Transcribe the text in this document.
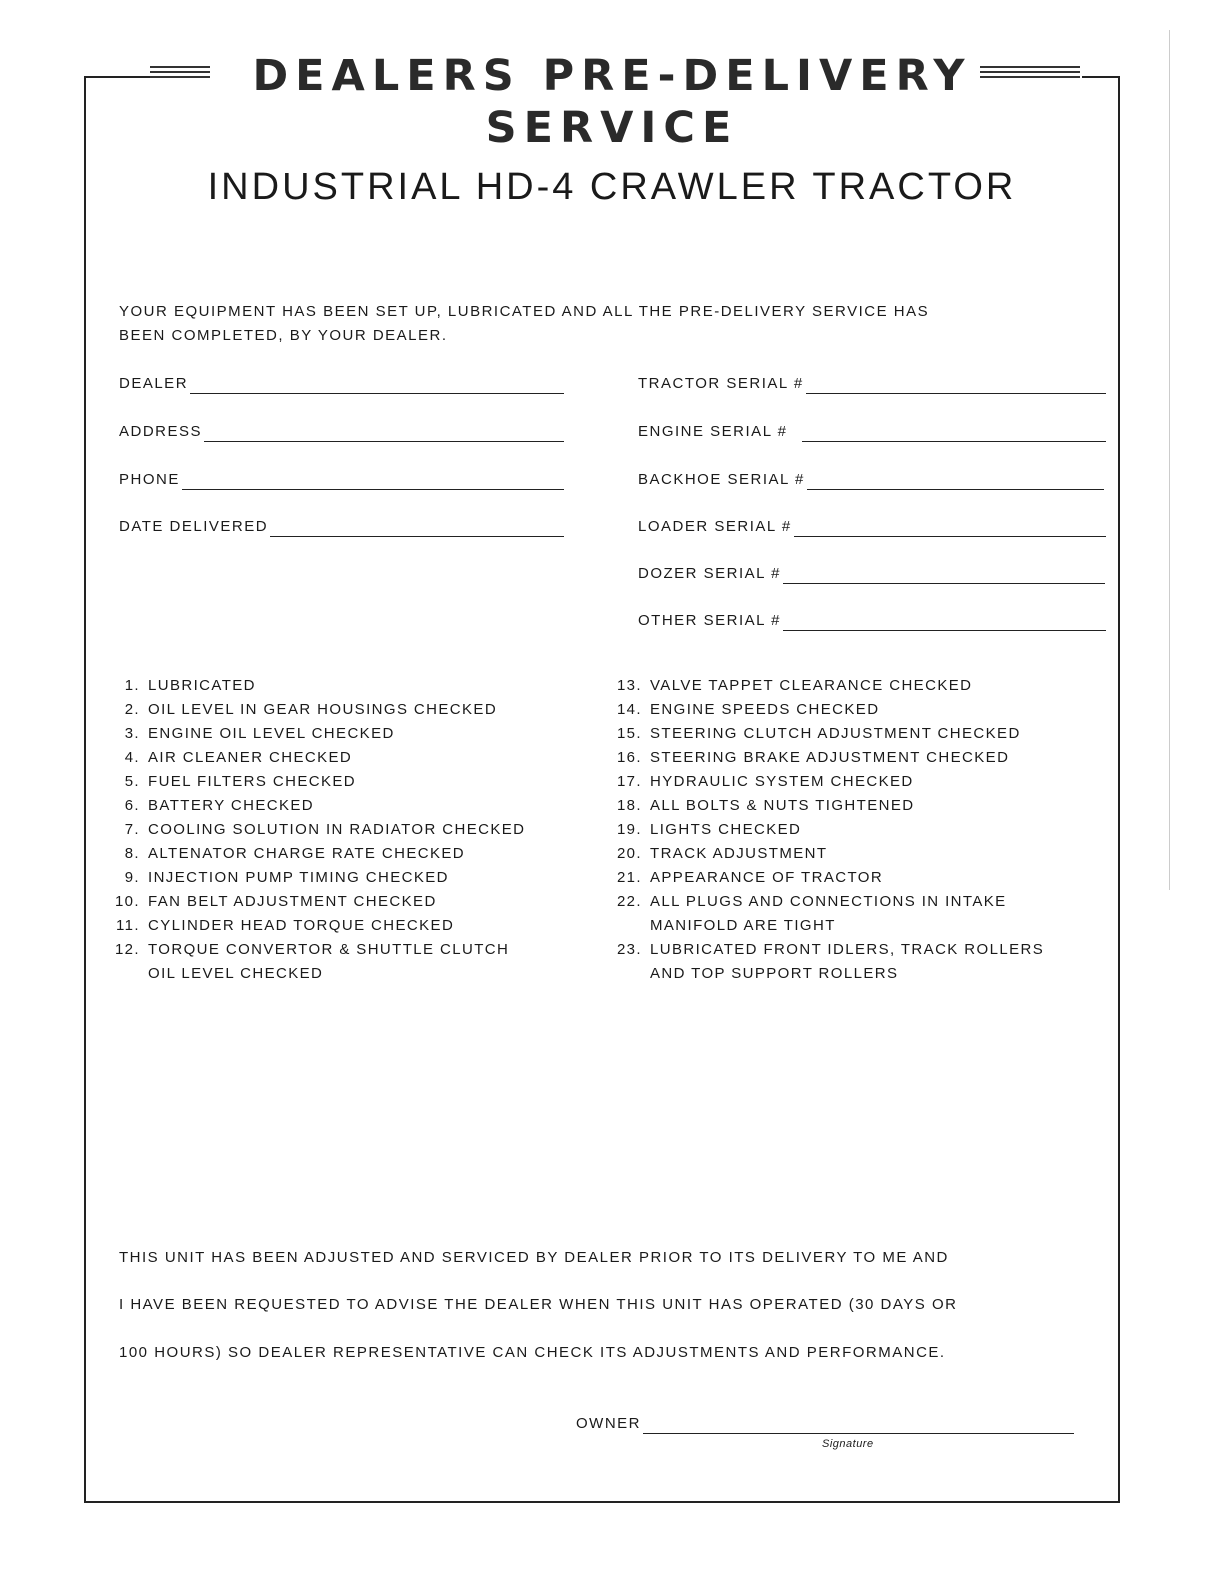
DEALERS PRE-DELIVERY
SERVICE
INDUSTRIAL HD-4 CRAWLER TRACTOR
YOUR EQUIPMENT HAS BEEN SET UP, LUBRICATED AND ALL THE PRE-DELIVERY SERVICE HAS
BEEN COMPLETED, BY YOUR DEALER.
DEALER
ADDRESS
PHONE
DATE DELIVERED
TRACTOR SERIAL #
ENGINE SERIAL #
BACKHOE SERIAL #
LOADER SERIAL #
DOZER SERIAL #
OTHER SERIAL #
1. LUBRICATED
2. OIL LEVEL IN GEAR HOUSINGS CHECKED
3. ENGINE OIL LEVEL CHECKED
4. AIR CLEANER CHECKED
5. FUEL FILTERS CHECKED
6. BATTERY CHECKED
7. COOLING SOLUTION IN RADIATOR CHECKED
8. ALTENATOR CHARGE RATE CHECKED
9. INJECTION PUMP TIMING CHECKED
10. FAN BELT ADJUSTMENT CHECKED
11. CYLINDER HEAD TORQUE CHECKED
12. TORQUE CONVERTOR & SHUTTLE CLUTCH
OIL LEVEL CHECKED
13. VALVE TAPPET CLEARANCE CHECKED
14. ENGINE SPEEDS CHECKED
15. STEERING CLUTCH ADJUSTMENT CHECKED
16. STEERING BRAKE ADJUSTMENT CHECKED
17. HYDRAULIC SYSTEM CHECKED
18. ALL BOLTS & NUTS TIGHTENED
19. LIGHTS CHECKED
20. TRACK ADJUSTMENT
21. APPEARANCE OF TRACTOR
22. ALL PLUGS AND CONNECTIONS IN INTAKE
MANIFOLD ARE TIGHT
23. LUBRICATED FRONT IDLERS, TRACK ROLLERS
AND TOP SUPPORT ROLLERS
THIS UNIT HAS BEEN ADJUSTED AND SERVICED BY DEALER PRIOR TO ITS DELIVERY TO ME AND
I HAVE BEEN REQUESTED TO ADVISE THE DEALER WHEN THIS UNIT HAS OPERATED (30 DAYS OR
100 HOURS) SO DEALER REPRESENTATIVE CAN CHECK ITS ADJUSTMENTS AND PERFORMANCE.
OWNER
Signature
